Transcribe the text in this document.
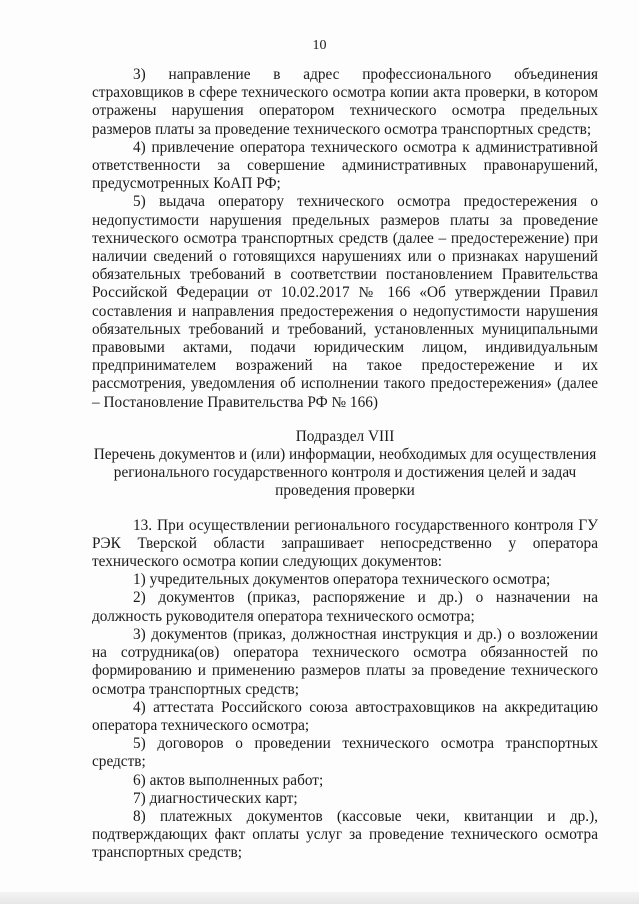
10

3) направление в адрес профессионального объединения страховщиков в сфере технического осмотра копии акта проверки, в котором отражены нарушения оператором технического осмотра предельных размеров платы за проведение технического осмотра транспортных средств;

4) привлечение оператора технического осмотра к административной ответственности за совершение административных правонарушений, предусмотренных КоАП РФ;

5) выдача оператору технического осмотра предостережения о недопустимости нарушения предельных размеров платы за проведение технического осмотра транспортных средств (далее – предостережение) при наличии сведений о готовящихся нарушениях или о признаках нарушений обязательных требований в соответствии постановлением Правительства Российской Федерации от 10.02.2017 № 166 «Об утверждении Правил составления и направления предостережения о недопустимости нарушения обязательных требований и требований, установленных муниципальными правовыми актами, подачи юридическим лицом, индивидуальным предпринимателем возражений на такое предостережение и их рассмотрения, уведомления об исполнении такого предостережения» (далее – Постановление Правительства РФ № 166)

Подраздел VIII

Перечень документов и (или) информации, необходимых для осуществления регионального государственного контроля и достижения целей и задач проведения проверки

13. При осуществлении регионального государственного контроля ГУ РЭК Тверской области запрашивает непосредственно у оператора технического осмотра копии следующих документов:

1) учредительных документов оператора технического осмотра;

2) документов (приказ, распоряжение и др.) о назначении на должность руководителя оператора технического осмотра;

3) документов (приказ, должностная инструкция и др.) о возложении на сотрудника(ов) оператора технического осмотра обязанностей по формированию и применению размеров платы за проведение технического осмотра транспортных средств;

4) аттестата Российского союза автостраховщиков на аккредитацию оператора технического осмотра;

5) договоров о проведении технического осмотра транспортных средств;

6) актов выполненных работ;

7) диагностических карт;

8) платежных документов (кассовые чеки, квитанции и др.), подтверждающих факт оплаты услуг за проведение технического осмотра транспортных средств;
